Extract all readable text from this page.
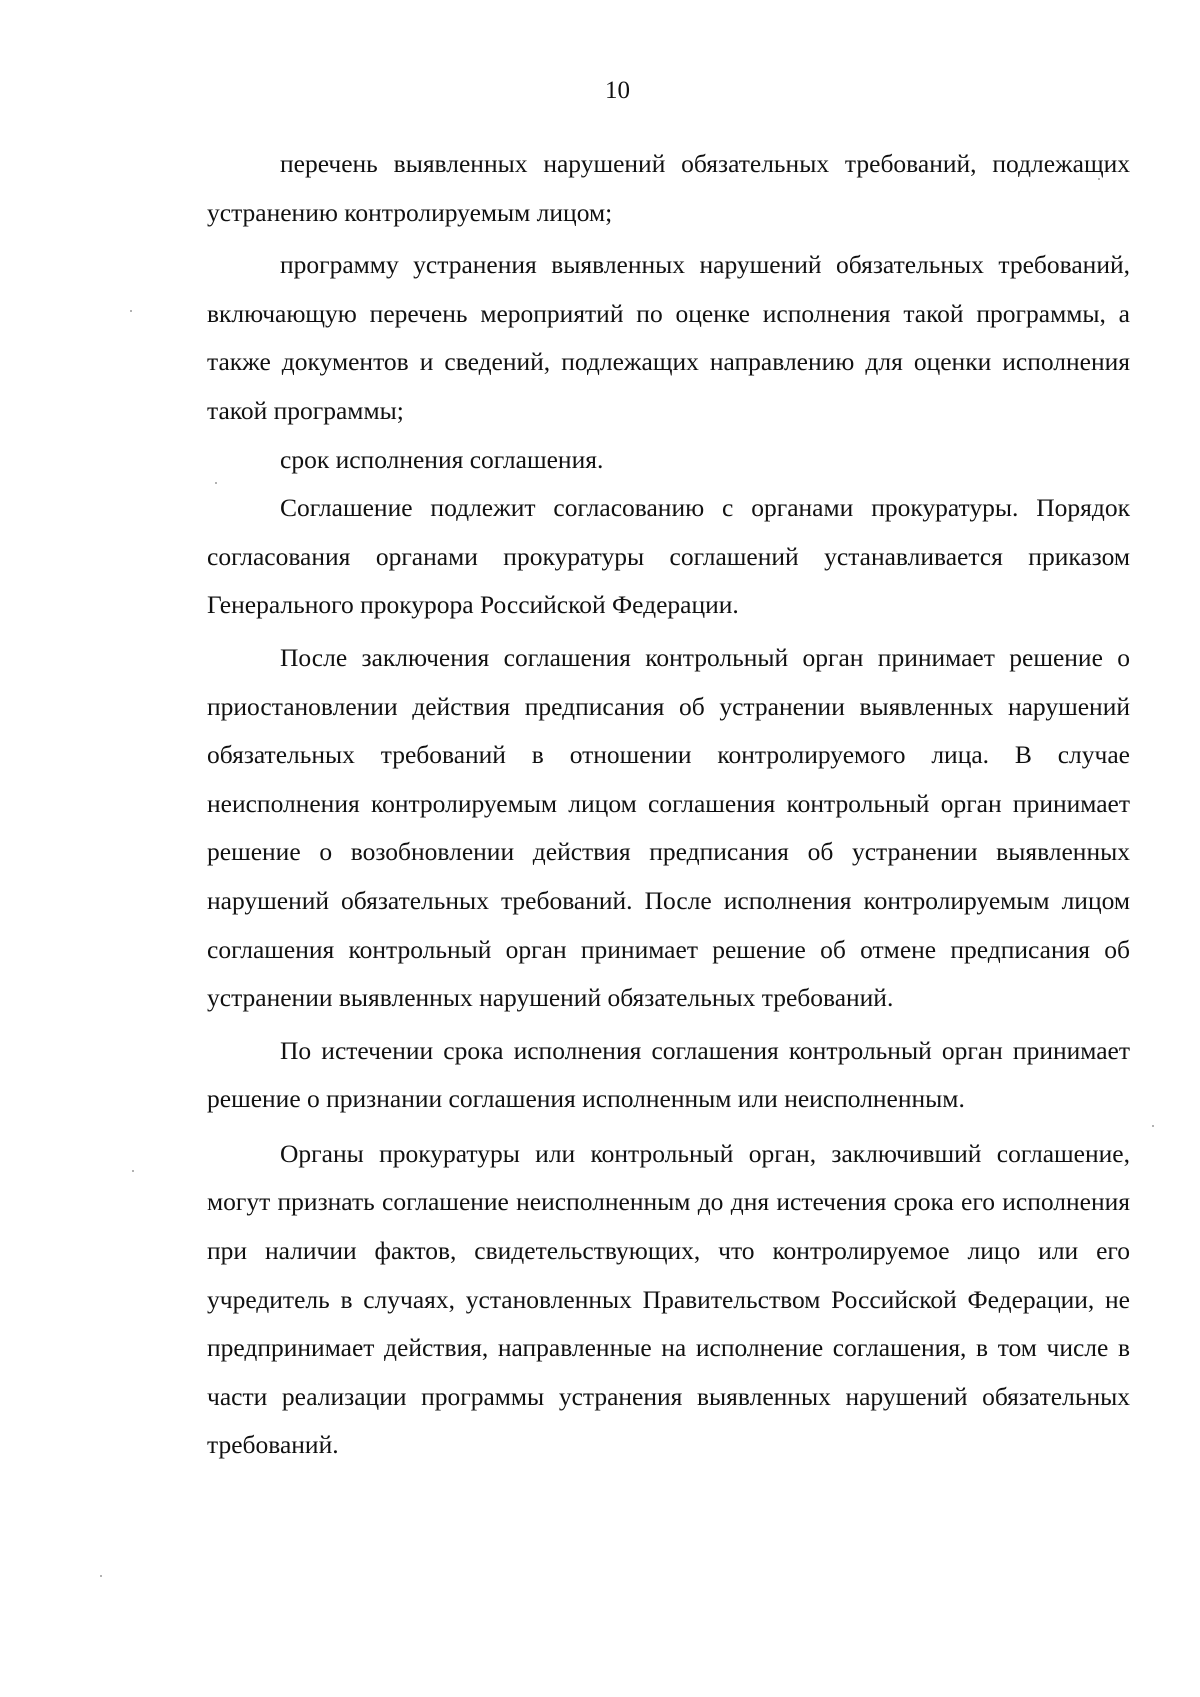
10

перечень выявленных нарушений обязательных требований, подлежащих устранению контролируемым лицом;

программу устранения выявленных нарушений обязательных требований, включающую перечень мероприятий по оценке исполнения такой программы, а также документов и сведений, подлежащих направлению для оценки исполнения такой программы;

срок исполнения соглашения.

Соглашение подлежит согласованию с органами прокуратуры. Порядок согласования органами прокуратуры соглашений устанавливается приказом Генерального прокурора Российской Федерации.

После заключения соглашения контрольный орган принимает решение о приостановлении действия предписания об устранении выявленных нарушений обязательных требований в отношении контролируемого лица. В случае неисполнения контролируемым лицом соглашения контрольный орган принимает решение о возобновлении действия предписания об устранении выявленных нарушений обязательных требований. После исполнения контролируемым лицом соглашения контрольный орган принимает решение об отмене предписания об устранении выявленных нарушений обязательных требований.

По истечении срока исполнения соглашения контрольный орган принимает решение о признании соглашения исполненным или неисполненным.

Органы прокуратуры или контрольный орган, заключивший соглашение, могут признать соглашение неисполненным до дня истечения срока его исполнения при наличии фактов, свидетельствующих, что контролируемое лицо или его учредитель в случаях, установленных Правительством Российской Федерации, не предпринимает действия, направленные на исполнение соглашения, в том числе в части реализации программы устранения выявленных нарушений обязательных требований.
